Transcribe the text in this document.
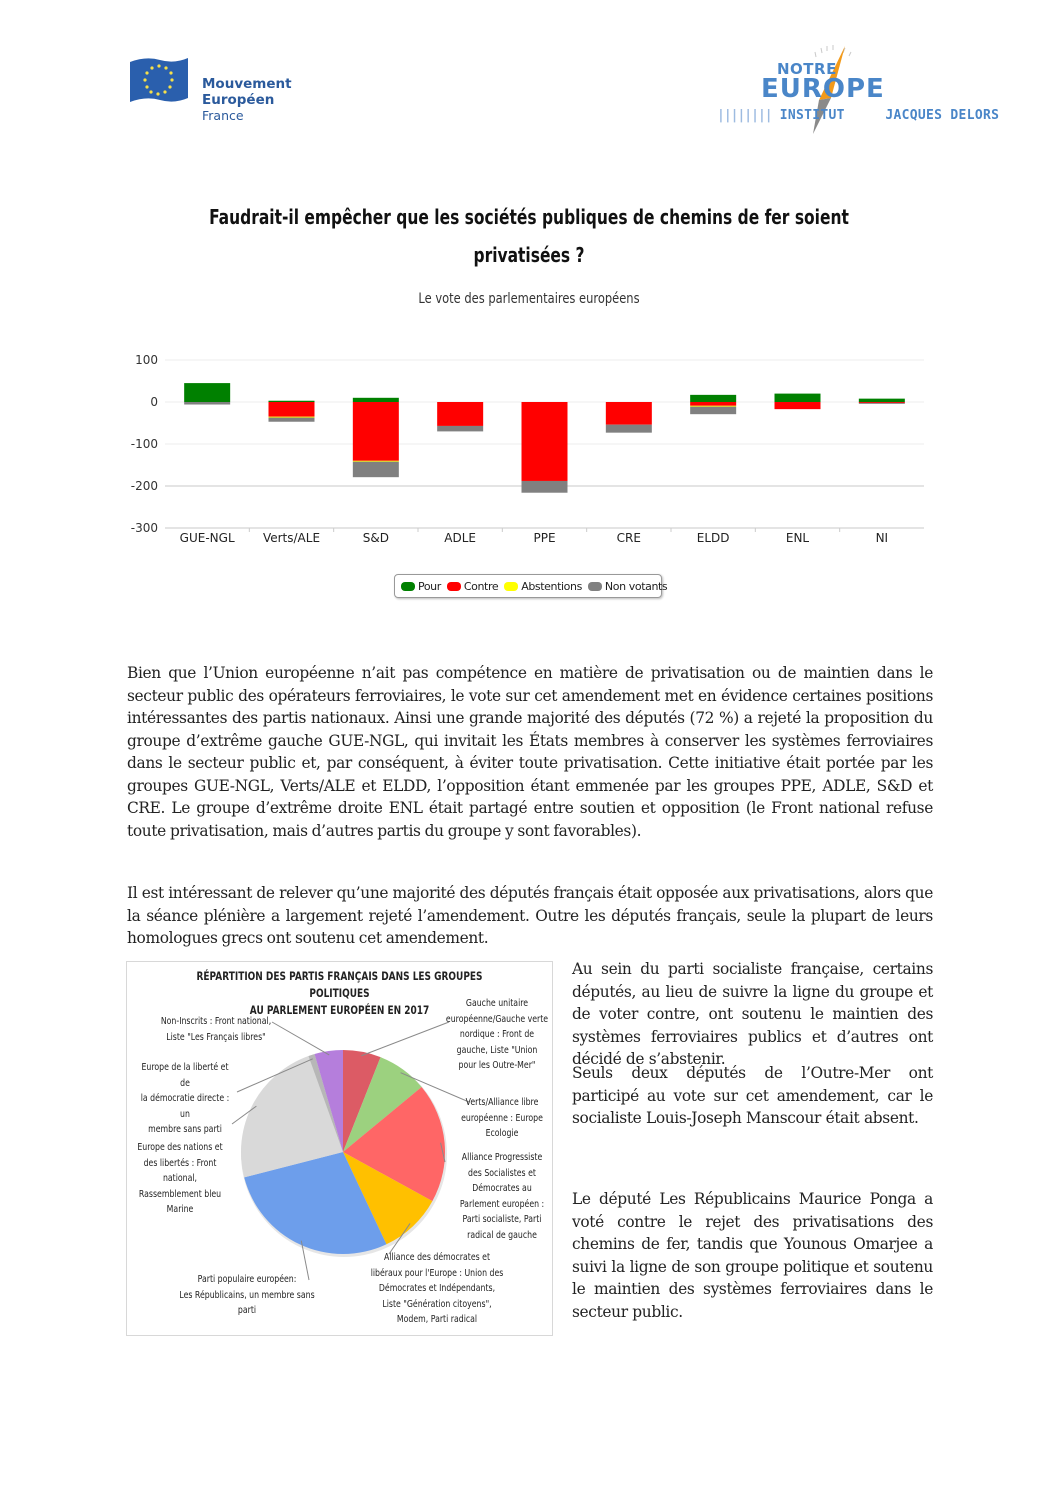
Mouvement
Européen
France
NOTRE
EUROPE
|||||||| INSTITUT	JACQUES DELORS
Faudrait-il empêcher que les sociétés publiques de chemins de fer soient privatisées ?
Le vote des parlementaires européens
100
0
-100
-200
-300
GUE-NGL Verts/ALE	S&D	ADLE	PPE	CRE	ELDD	ENL	NI
Pour Contre Abstentions Non votants
Bien que l’Union européenne n’ait pas compétence en matière de privatisation ou de maintien dans le secteur public des opérateurs ferroviaires, le vote sur cet amendement met en évidence certaines positions intéressantes des partis nationaux. Ainsi une grande majorité des députés (72 %) a rejeté la proposition du groupe d’extrême gauche GUE-NGL, qui invitait les États membres à conserver les systèmes ferroviaires dans le secteur public et, par conséquent, à éviter toute privatisation. Cette initiative était portée par les groupes GUE-NGL, Verts/ALE et ELDD, l’opposition étant emmenée par les groupes PPE, ADLE, S&D et CRE. Le groupe d’extrême droite ENL était partagé entre soutien et opposition (le Front national refuse toute privatisation, mais d’autres partis du groupe y sont favorables).
Il est intéressant de relever qu’une majorité des députés français était opposée aux privatisations, alors que la séance plénière a largement rejeté l’amendement. Outre les députés français, seule la plupart de leurs homologues grecs ont soutenu cet amendement.
RÉPARTITION DES PARTIS FRANÇAIS DANS LES GROUPES POLITIQUES
AU PARLEMENT EUROPÉEN EN 2017	Gauche unitaire
européenne/Gauche verte
nordique : Front de
gauche, Liste "Union
pour les Outre-Mer"
Verts/Alliance libre
européenne : Europe
Ecologie
Alliance Progressiste
des Socialistes et
Démocrates au
Parlement européen :
Parti socialiste, Parti
radical de gauche
Alliance des démocrates et
libéraux pour l'Europe : Union des
Démocrates et Indépendants,
Liste "Génération citoyens",
Modem, Parti radical
Parti populaire européen:
Les Républicains, un membre sans
parti
Europe des nations et
des libertés : Front
national,
Rassemblement bleu
Marine
Europe de la liberté et de
la démocratie directe : un
membre sans parti
Non-Inscrits : Front national,
Liste "Les Français libres"
Au sein du parti socialiste française, certains députés, au lieu de suivre la ligne du groupe et de voter contre, ont soutenu le maintien des systèmes ferroviaires publics et d’autres ont décidé de s’abstenir.
Seuls deux députés de l’Outre-Mer ont participé au vote sur cet amendement, car le socialiste Louis-Joseph Manscour était absent.
Le député Les Républicains Maurice Ponga a voté contre le rejet des privatisations des chemins de fer, tandis que Younous Omarjee a suivi la ligne de son groupe politique et soutenu le maintien des systèmes ferroviaires dans le secteur public.
